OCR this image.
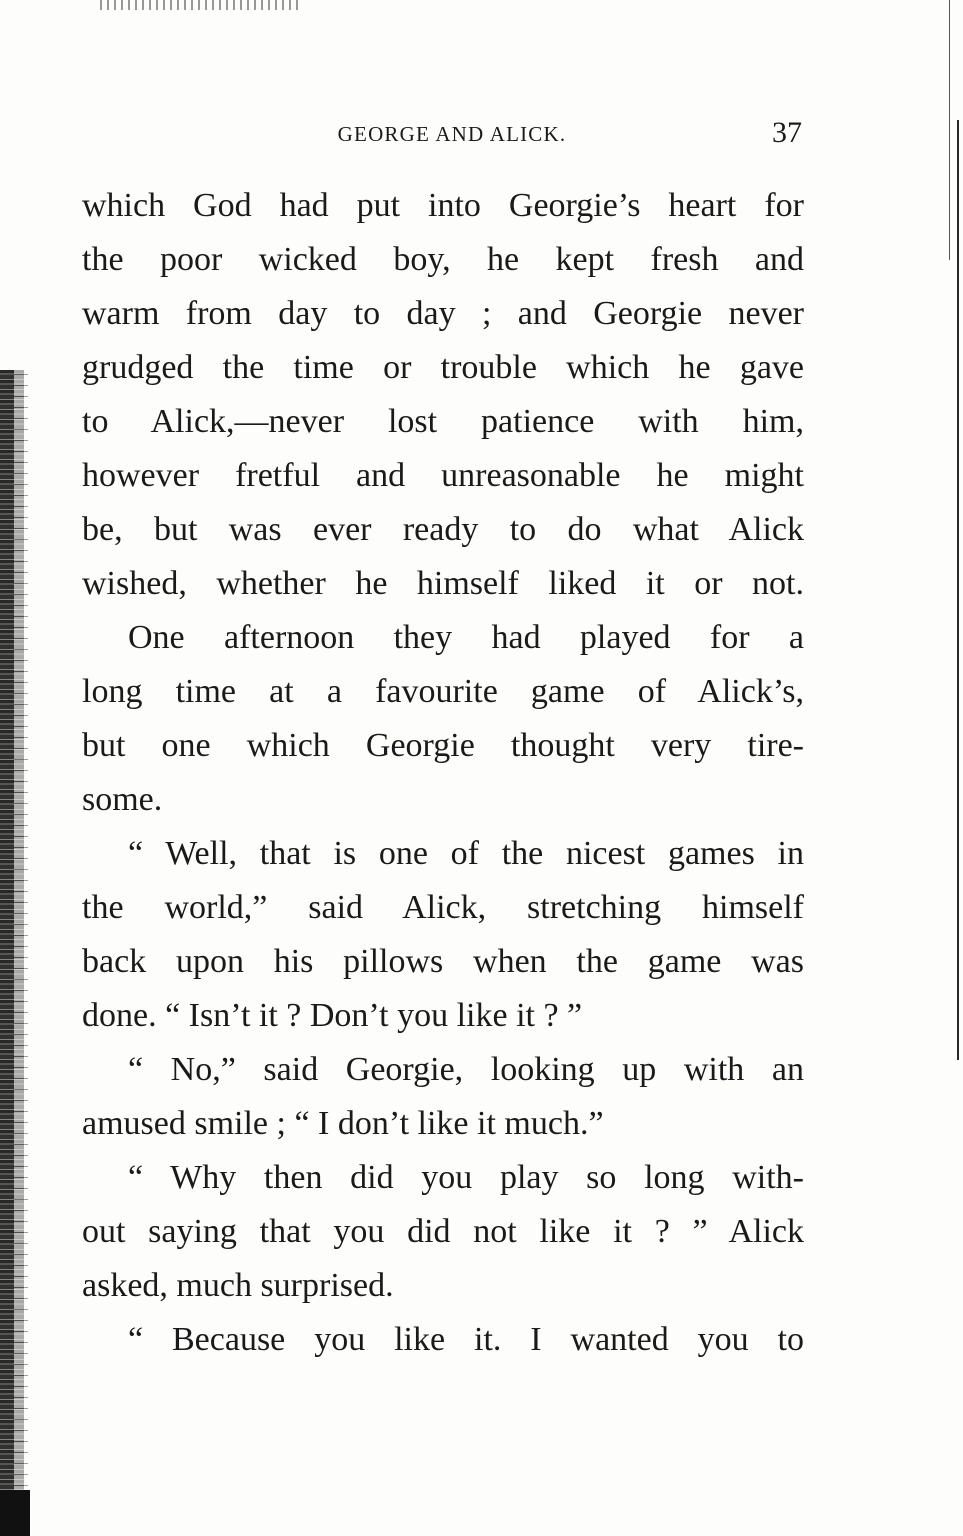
GEORGE AND ALICK.	37
which God had put into Georgie’s heart for
the poor wicked boy, he kept fresh and
warm from day to day ; and Georgie never
grudged the time or trouble which he gave
to Alick,—never lost patience with him,
however fretful and unreasonable he might
be, but was ever ready to do what Alick
wished, whether he himself liked it or not.
One afternoon they had played for a
long time at a favourite game of Alick’s,
but one which Georgie thought very tire-
some.
“ Well, that is one of the nicest games in
the world,” said Alick, stretching himself
back upon his pillows when the game was
done. “ Isn’t it ? Don’t you like it ? ”
“ No,” said Georgie, looking up with an
amused smile ; “ I don’t like it much.”
“ Why then did you play so long with-
out saying that you did not like it ? ” Alick
asked, much surprised.
“ Because you like it. I wanted you to
